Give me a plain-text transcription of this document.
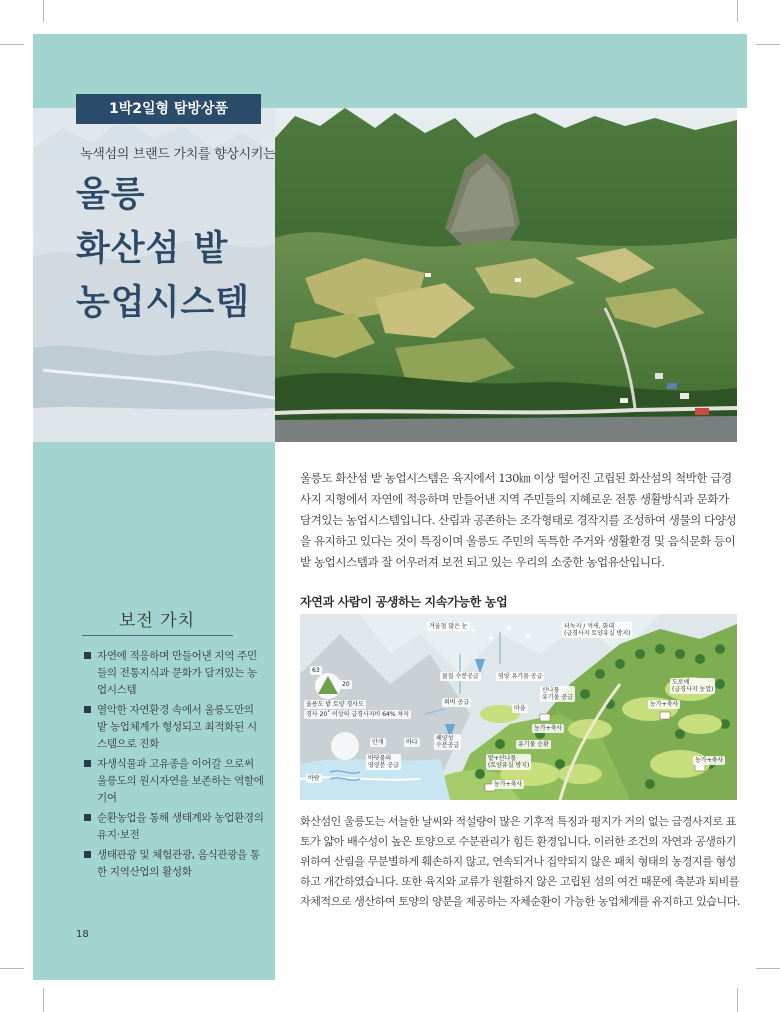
1박2일형 탐방상품
녹색섬의 브랜드 가치를 향상시키는
울릉
화산섬 밭
농업시스템
울릉도 화산섬 밭 농업시스템은 육지에서 130㎞ 이상 떨어진 고립된 화산섬의 척박한 급경사지 지형에서 자연에 적응하며 만들어낸 지역 주민들의 지혜로운 전통 생활방식과 문화가 담겨있는 농업시스템입니다. 산림과 공존하는 조각형태로 경작지를 조성하여 생물의 다양성을 유지하고 있다는 것이 특징이며 울릉도 주민의 독특한 주거와 생활환경 및 음식문화 등이 밭 농업시스템과 잘 어우러져 보전 되고 있는 우리의 소중한 농업유산입니다.
자연과 사람이 공생하는 지속가능한 농업
겨울철 많은 눈	터녹지 / 억새, 화대
(급경사지 토양유실 방지)
물질 수분공급	영양 유기물 공급
퇴비 공급
산나물
유기물 공급
마을
도로에
(급경사지 농업)
농가+축사
농가+축사
농가+축사
농가+축사
밭+산나물
(토양유실 방지)
유기물 순환
해양성
수분공급
바닷물의
영양분 공급
안개	바다
바람
63
20
울릉도 밭 토양 경사도
경사 20˚ 이상의 급경사지비 64% 차지
화산섬인 울릉도는 서늘한 날씨와 적설량이 많은 기후적 특징과 평지가 거의 없는 급경사지로 표토가 얇아 배수성이 높은 토양으로 수분관리가 힘든 환경입니다. 이러한 조건의 자연과 공생하기 위하여 산림을 무분별하게 훼손하지 않고, 연속되거나 집약되지 않은 패치 형태의 농경지를 형성하고 개간하였습니다. 또한 육지와 교류가 원활하지 않은 고립된 섬의 여건 때문에 축분과 퇴비를 자체적으로 생산하여 토양의 양분을 제공하는 자체순환이 가능한 농업체계를 유지하고 있습니다.
보전 가치
자연에 적응하며 만들어낸 지역 주민들의 전통지식과 문화가 담겨있는 농업시스템
열악한 자연환경 속에서 울릉도만의 밭 농업체계가 형성되고 최적화된 시스템으로 진화
자생식물과 고유종을 이어갈 으로써 울릉도의 원시자연을 보존하는 역할에 기여
순환농업을 통해 생태계와 농업환경의 유지·보전
생태관광 및 체험관광, 음식관광을 통한 지역산업의 활성화
18
